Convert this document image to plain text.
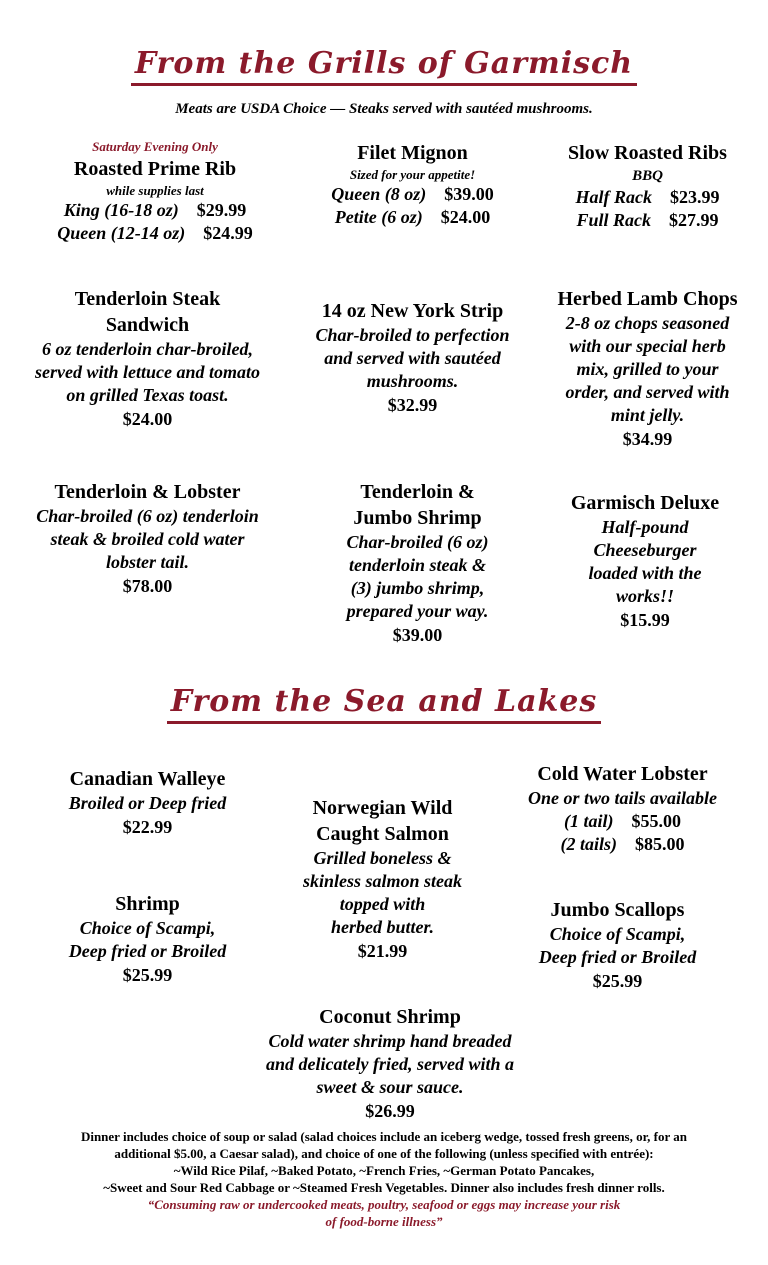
From the Grills of Garmisch
Meats are USDA Choice — Steaks served with sautéed mushrooms.
Saturday Evening Only
Roasted Prime Rib
while supplies last
King (16-18 oz) $29.99
Queen (12-14 oz) $24.99
Filet Mignon
Sized for your appetite!
Queen (8 oz) $39.00
Petite (6 oz) $24.00
Slow Roasted Ribs
BBQ
Half Rack $23.99
Full Rack $27.99
Tenderloin Steak
Sandwich
6 oz tenderloin char-broiled,
served with lettuce and tomato
on grilled Texas toast.
$24.00
14 oz New York Strip
Char-broiled to perfection
and served with sautéed
mushrooms.
$32.99
Herbed Lamb Chops
2-8 oz chops seasoned
with our special herb
mix, grilled to your
order, and served with
mint jelly.
$34.99
Tenderloin & Lobster
Char-broiled (6 oz) tenderloin
steak & broiled cold water
lobster tail.
$78.00
Tenderloin &
Jumbo Shrimp
Char-broiled (6 oz)
tenderloin steak &
(3) jumbo shrimp,
prepared your way.
$39.00
Garmisch Deluxe
Half-pound
Cheeseburger
loaded with the
works!!
$15.99
From the Sea and Lakes
Canadian Walleye
Broiled or Deep fried
$22.99
Norwegian Wild
Caught Salmon
Grilled boneless &
skinless salmon steak
topped with
herbed butter.
$21.99
Cold Water Lobster
One or two tails available
(1 tail) $55.00
(2 tails) $85.00
Shrimp
Choice of Scampi,
Deep fried or Broiled
$25.99
Jumbo Scallops
Choice of Scampi,
Deep fried or Broiled
$25.99
Coconut Shrimp
Cold water shrimp hand breaded
and delicately fried, served with a
sweet & sour sauce.
$26.99
Dinner includes choice of soup or salad (salad choices include an iceberg wedge, tossed fresh greens, or, for an
additional $5.00, a Caesar salad), and choice of one of the following (unless specified with entrée):
~Wild Rice Pilaf, ~Baked Potato, ~French Fries, ~German Potato Pancakes,
~Sweet and Sour Red Cabbage or ~Steamed Fresh Vegetables. Dinner also includes fresh dinner rolls.
“Consuming raw or undercooked meats, poultry, seafood or eggs may increase your risk
of food-borne illness”
